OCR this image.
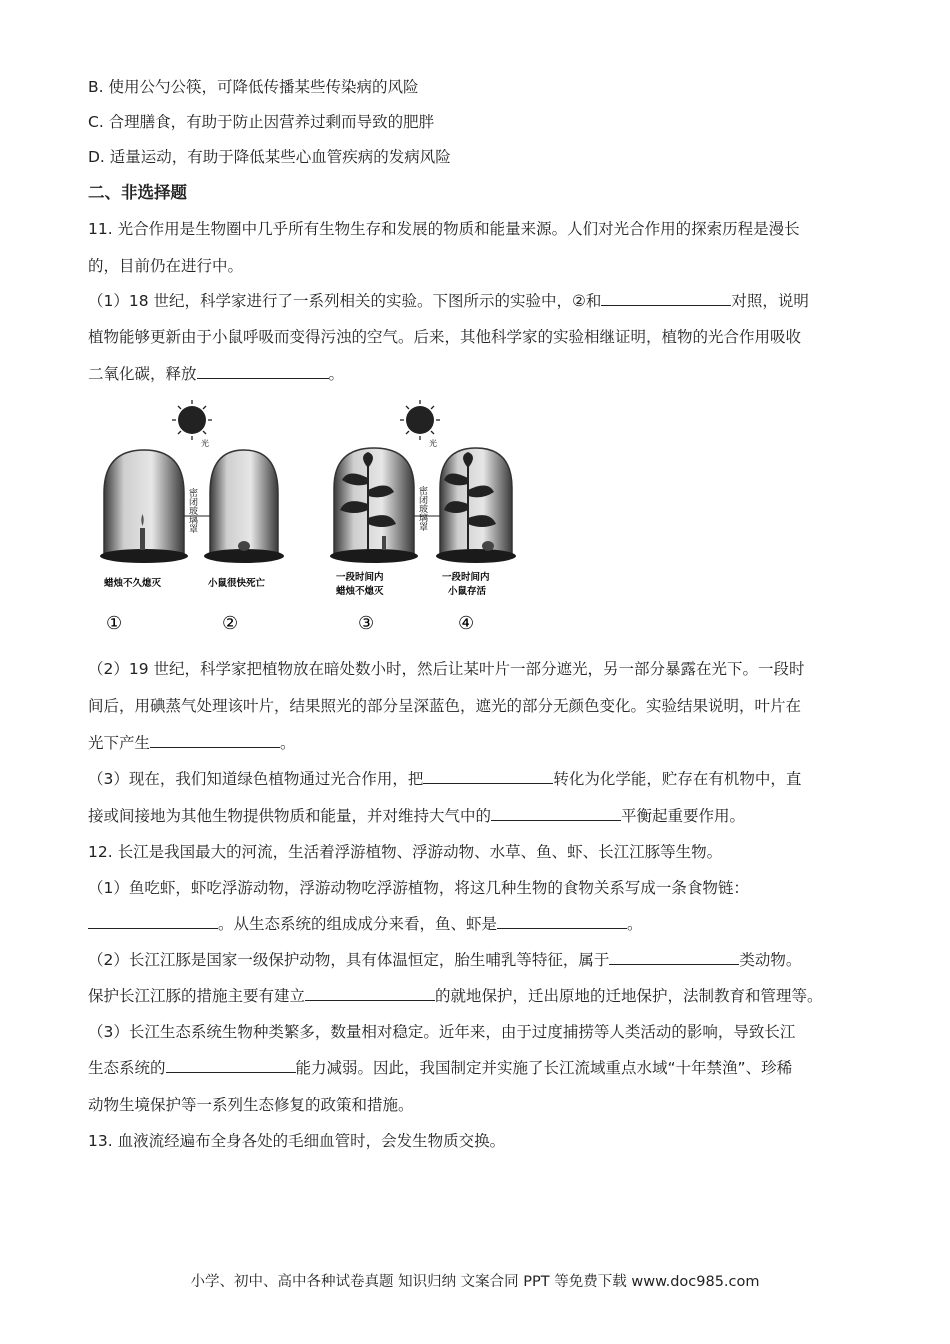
B. 使用公勺公筷，可降低传播某些传染病的风险
C. 合理膳食，有助于防止因营养过剩而导致的肥胖
D. 适量运动，有助于降低某些心血管疾病的发病风险
二、非选择题
11. 光合作用是生物圈中几乎所有生物生存和发展的物质和能量来源。人们对光合作用的探索历程是漫长
的，目前仍在进行中。
（1）18 世纪，科学家进行了一系列相关的实验。下图所示的实验中，②和	对照，说明
植物能够更新由于小鼠呼吸而变得污浊的空气。后来，其他科学家的实验相继证明，植物的光合作用吸收
二氧化碳，释放	。
光	光
密闭玻璃罩	密闭玻璃罩
蜡烛不久熄灭	小鼠很快死亡
一段时间内
蜡烛不熄灭
一段时间内
小鼠存活
①	②	③	④
（2）19 世纪，科学家把植物放在暗处数小时，然后让某叶片一部分遮光，另一部分暴露在光下。一段时
间后，用碘蒸气处理该叶片，结果照光的部分呈深蓝色，遮光的部分无颜色变化。实验结果说明，叶片在
光下产生	。
（3）现在，我们知道绿色植物通过光合作用，把	转化为化学能，贮存在有机物中，直
接或间接地为其他生物提供物质和能量，并对维持大气中的	平衡起重要作用。
12. 长江是我国最大的河流，生活着浮游植物、浮游动物、水草、鱼、虾、长江江豚等生物。
（1）鱼吃虾，虾吃浮游动物，浮游动物吃浮游植物，将这几种生物的食物关系写成一条食物链：
。从生态系统的组成成分来看，鱼、虾是	。
（2）长江江豚是国家一级保护动物，具有体温恒定，胎生哺乳等特征，属于	类动物。
保护长江江豚的措施主要有建立	的就地保护，迁出原地的迁地保护，法制教育和管理等。
（3）长江生态系统生物种类繁多，数量相对稳定。近年来，由于过度捕捞等人类活动的影响，导致长江
生态系统的	能力减弱。因此，我国制定并实施了长江流域重点水域“十年禁渔”、珍稀
动物生境保护等一系列生态修复的政策和措施。
13. 血液流经遍布全身各处的毛细血管时，会发生物质交换。
小学、初中、高中各种试卷真题 知识归纳 文案合同 PPT 等免费下载 www.doc985.com
